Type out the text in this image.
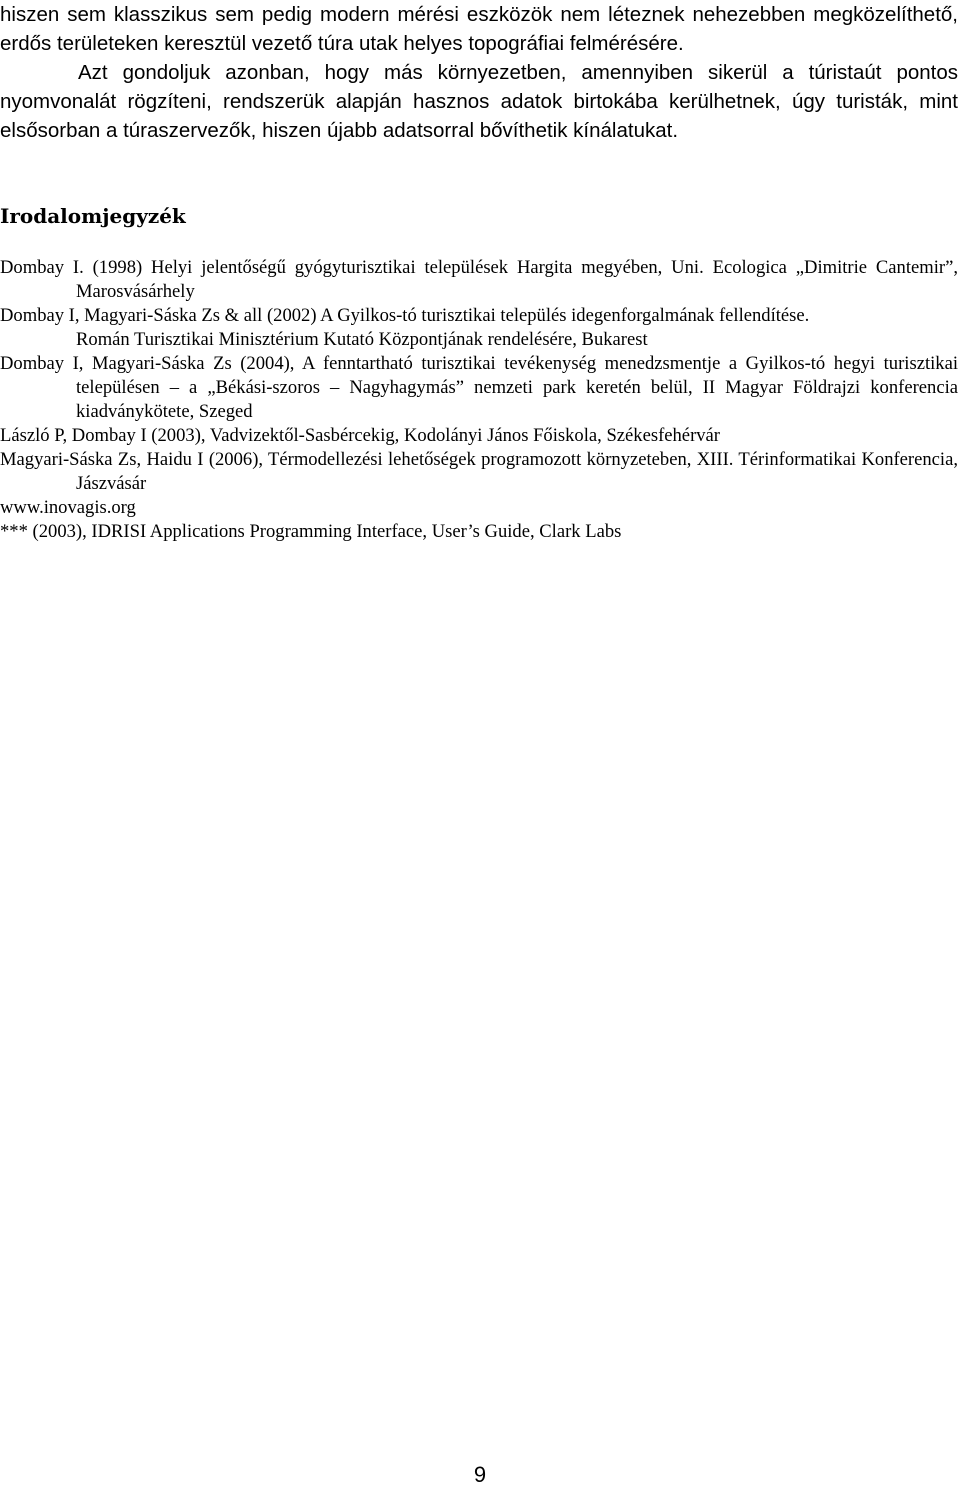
hiszen sem klasszikus sem pedig modern mérési eszközök nem léteznek nehezebben megközelíthető, erdős területeken keresztül vezető túra utak helyes topográfiai felmérésére.

Azt gondoljuk azonban, hogy más környezetben, amennyiben sikerül a túristaút pontos nyomvonalát rögzíteni, rendszerük alapján hasznos adatok birtokába kerülhetnek, úgy turisták, mint elsősorban a túraszervezők, hiszen újabb adatsorral bővíthetik kínálatukat.

Irodalomjegyzék

Dombay I. (1998) Helyi jelentőségű gyógyturisztikai települések Hargita megyében, Uni. Ecologica „Dimitrie Cantemir”, Marosvásárhely

Dombay I, Magyari-Sáska Zs & all (2002) A Gyilkos-tó turisztikai település idegenforgalmának fellendítése.

Román Turisztikai Minisztérium Kutató Központjának rendelésére, Bukarest

Dombay I, Magyari-Sáska Zs (2004), A fenntartható turisztikai tevékenység menedzsmentje a Gyilkos-tó hegyi turisztikai településen – a „Békási-szoros – Nagyhagymás” nemzeti park keretén belül, II Magyar Földrajzi konferencia kiadványkötete, Szeged

László P, Dombay I (2003), Vadvizektől-Sasbércekig, Kodolányi János Főiskola, Székesfehérvár

Magyari-Sáska Zs, Haidu I (2006), Térmodellezési lehetőségek programozott környzeteben, XIII. Térinformatikai Konferencia, Jászvásár

www.inovagis.org

*** (2003), IDRISI Applications Programming Interface, User’s Guide, Clark Labs

9
